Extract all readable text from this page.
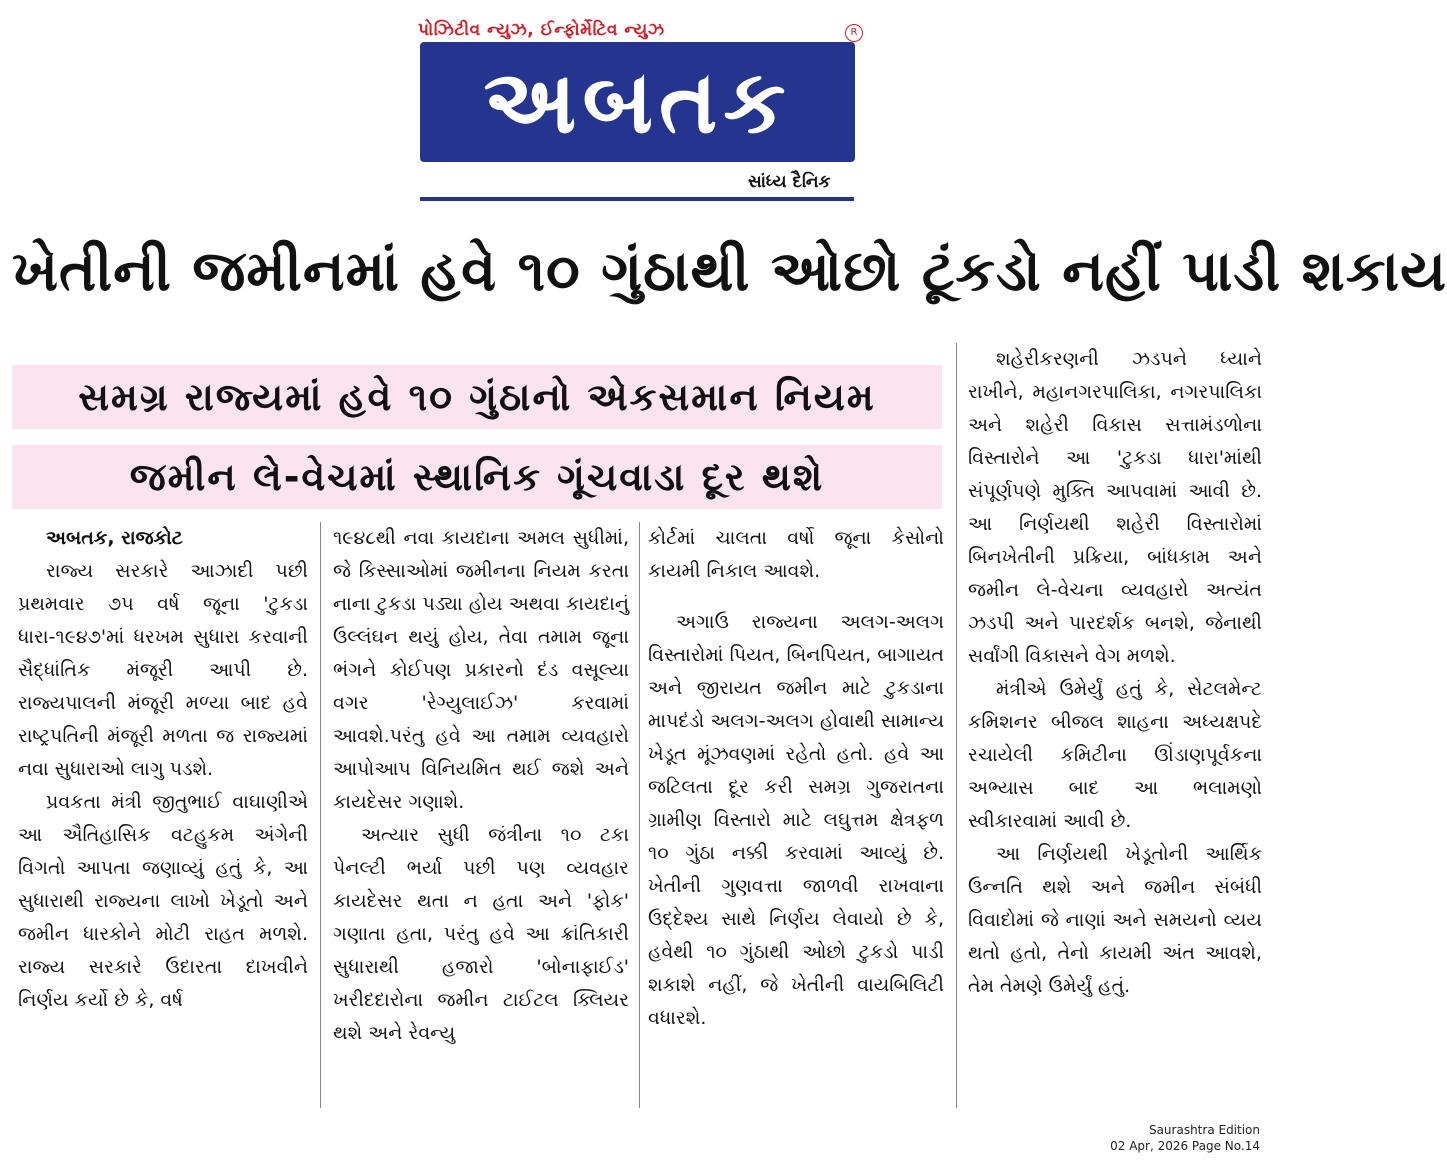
પોઝિટીવ ન્યુઝ, ઈન્ફોર્મેટિવ ન્યુઝ
અબતક
R
સાંધ્ય દૈનિક
ખેતીની જમીનમાં હવે ૧૦ ગુંઠાથી ઓછો ટૂંકડો નહીં પાડી શકાય
સમગ્ર રાજ્યમાં હવે ૧૦ ગુંઠાનો એકસમાન નિયમ
જમીન લે-વેચમાં સ્થાનિક ગૂંચવાડા દૂર થશે
અબતક, રાજકોટ

રાજ્ય સરકારે આઝાદી પછી પ્રથમવાર ૭૫ વર્ષ જૂના 'ટુકડા ધારા-૧૯૪૭'માં ધરખમ સુધારા કરવાની સૈદ્ધાંતિક મંજૂરી આપી છે. રાજ્યપાલની મંજૂરી મળ્યા બાદ હવે રાષ્ટ્રપતિની મંજૂરી મળતા જ રાજ્યમાં નવા સુધારાઓ લાગુ પડશે.

પ્રવકતા મંત્રી જીતુભાઈ વાઘાણીએ આ ઐતિહાસિક વટહુકમ અંગેની વિગતો આપતા જણાવ્યું હતું કે, આ સુધારાથી રાજ્યના લાખો ખેડૂતો અને જમીન ધારકોને મોટી રાહત મળશે. રાજ્ય સરકારે ઉદારતા દાખવીને નિર્ણય કર્યો છે કે, વર્ષ

૧૯૪૮થી નવા કાયદાના અમલ સુધીમાં, જે કિસ્સાઓમાં જમીનના નિયમ કરતા નાના ટુકડા પડ્યા હોય અથવા કાયદાનું ઉલ્લંઘન થયું હોય, તેવા તમામ જૂના ભંગને કોઈપણ પ્રકારનો દંડ વસૂલ્યા વગર 'રેગ્યુલાઈઝ' કરવામાં આવશે.પરંતુ હવે આ તમામ વ્યવહારો આપોઆપ વિનિયમિત થઈ જશે અને કાયદેસર ગણાશે.

અત્યાર સુધી જંત્રીના ૧૦ ટકા પેનલ્ટી ભર્યા પછી પણ વ્યવહાર કાયદેસર થતા ન હતા અને 'ફોક' ગણાતા હતા, પરંતુ હવે આ ક્રાંતિકારી સુધારાથી હજારો 'બોનાફાઈડ' ખરીદદારોના જમીન ટાઈટલ ક્લિયર થશે અને રેવન્યુ

કોર્ટમાં ચાલતા વર્ષો જૂના કેસોનો કાયમી નિકાલ આવશે.

અગાઉ રાજ્યના અલગ-અલગ વિસ્તારોમાં પિયત, બિનપિયત, બાગાયત અને જીરાયત જમીન માટે ટુકડાના માપદંડો અલગ-અલગ હોવાથી સામાન્ય ખેડૂત મૂંઝવણમાં રહેતો હતો. હવે આ જટિલતા દૂર કરી સમગ્ર ગુજરાતના ગ્રામીણ વિસ્તારો માટે લઘુત્તમ ક્ષેત્રફળ ૧૦ ગુંઠા નક્કી કરવામાં આવ્યું છે. ખેતીની ગુણવત્તા જાળવી રાખવાના ઉદ્દેશ્ય સાથે નિર્ણય લેવાયો છે કે, હવેથી ૧૦ ગુંઠાથી ઓછો ટુકડો પાડી શકાશે નહીં, જે ખેતીની વાયબિલિટી વધારશે.

શહેરીકરણની ઝડપને ધ્યાને રાખીને, મહાનગરપાલિકા, નગરપાલિકા અને શહેરી વિકાસ સત્તામંડળોના વિસ્તારોને આ 'ટુકડા ધારા'માંથી સંપૂર્ણપણે મુક્તિ આપવામાં આવી છે. આ નિર્ણયથી શહેરી વિસ્તારોમાં બિનખેતીની પ્રક્રિયા, બાંધકામ અને જમીન લે-વેચના વ્યવહારો અત્યંત ઝડપી અને પારદર્શક બનશે, જેનાથી સર્વાંગી વિકાસને વેગ મળશે.

મંત્રીએ ઉમેર્યું હતું કે, સેટલમેન્ટ કમિશનર બીજલ શાહના અધ્યક્ષપદે રચાયેલી કમિટીના ઊંડાણપૂર્વકના અભ્યાસ બાદ આ ભલામણો સ્વીકારવામાં આવી છે.

આ નિર્ણયથી ખેડૂતોની આર્થિક ઉન્નતિ થશે અને જમીન સંબંધી વિવાદોમાં જે નાણાં અને સમયનો વ્યય થતો હતો, તેનો કાયમી અંત આવશે, તેમ તેમણે ઉમેર્યું હતું.

Saurashtra Edition
02 Apr, 2026 Page No.14
